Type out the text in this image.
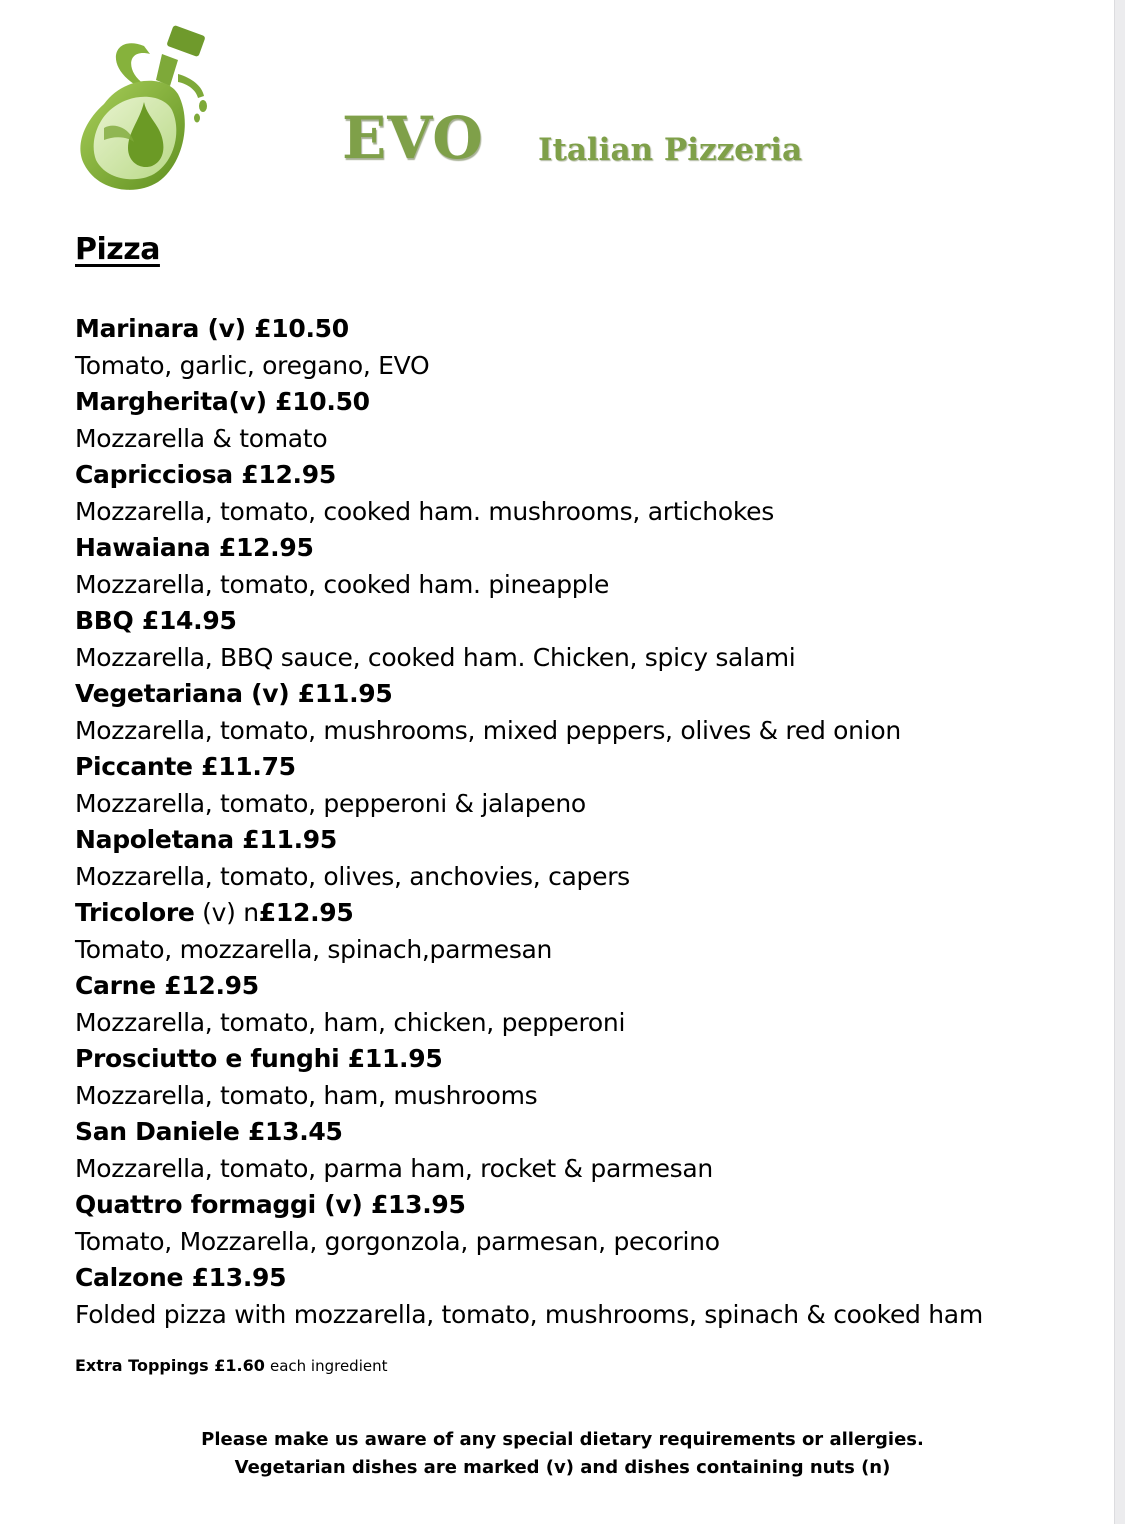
EVO Italian Pizzeria
Pizza
Marinara (v) £10.50
Tomato, garlic, oregano, EVO
Margherita(v) £10.50
Mozzarella & tomato
Capricciosa £12.95
Mozzarella, tomato, cooked ham. mushrooms, artichokes
Hawaiana £12.95
Mozzarella, tomato, cooked ham. pineapple
BBQ £14.95
Mozzarella, BBQ sauce, cooked ham. Chicken, spicy salami
Vegetariana (v) £11.95
Mozzarella, tomato, mushrooms, mixed peppers, olives & red onion
Piccante £11.75
Mozzarella, tomato, pepperoni & jalapeno
Napoletana £11.95
Mozzarella, tomato, olives, anchovies, capers
Tricolore (v) n£12.95
Tomato, mozzarella, spinach,parmesan
Carne £12.95
Mozzarella, tomato, ham, chicken, pepperoni
Prosciutto e funghi £11.95
Mozzarella, tomato, ham, mushrooms
San Daniele £13.45
Mozzarella, tomato, parma ham, rocket & parmesan
Quattro formaggi (v) £13.95
Tomato, Mozzarella, gorgonzola, parmesan, pecorino
Calzone £13.95
Folded pizza with mozzarella, tomato, mushrooms, spinach & cooked ham
Extra Toppings £1.60 each ingredient
Please make us aware of any special dietary requirements or allergies.
Vegetarian dishes are marked (v) and dishes containing nuts (n)
